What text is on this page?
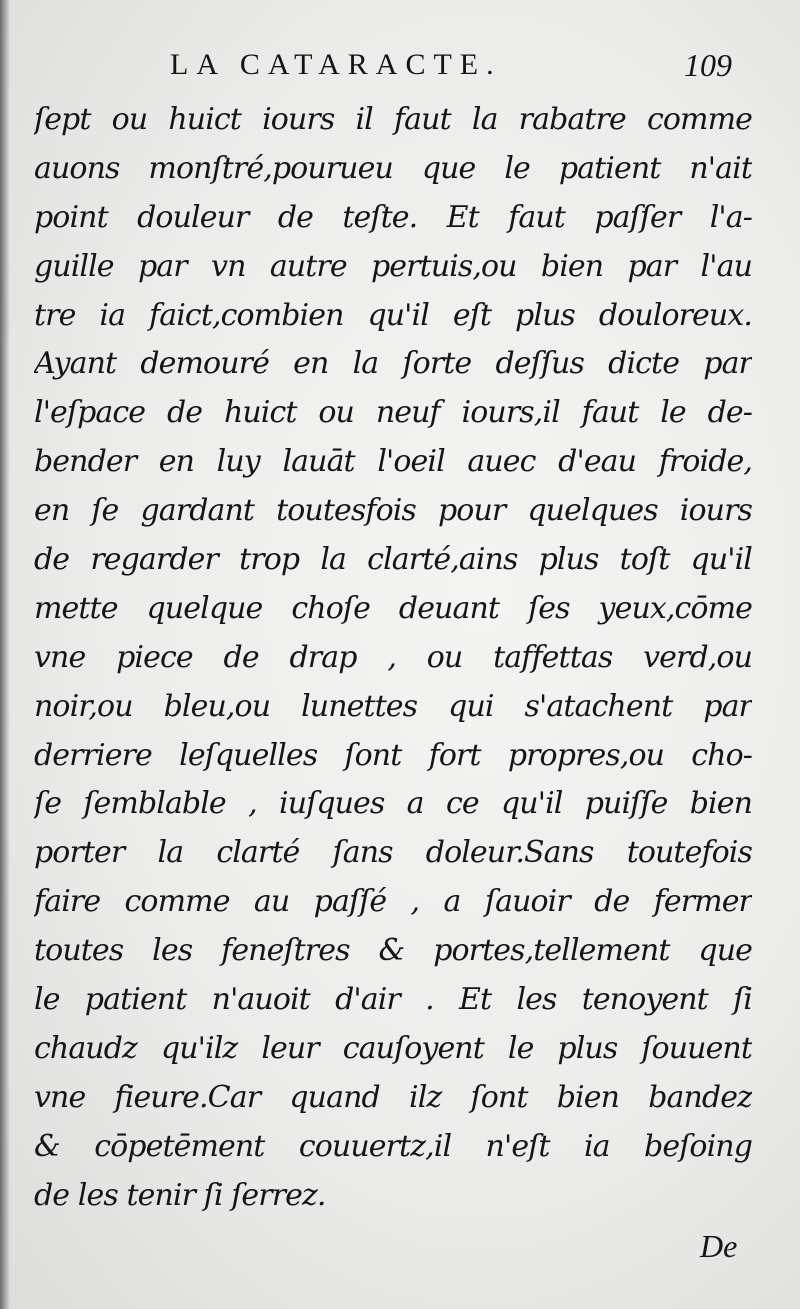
LA CATARACTE.	109
ſept ou huict iours il faut la rabatre comme
auons monſtré,pourueu que le patient n'ait
point douleur de teſte. Et faut paſſer l'a-
guille par vn autre pertuis,ou bien par l'au
tre ia faict,combien qu'il eſt plus douloreux.
Ayant demouré en la ſorte deſſus dicte par
l'eſpace de huict ou neuf iours,il faut le de-
bender en luy lauāt l'oeil auec d'eau froide,
en ſe gardant toutesfois pour quelques iours
de regarder trop la clarté,ains plus toſt qu'il
mette quelque choſe deuant ſes yeux,cōme
vne piece de drap , ou taffettas verd,ou
noir,ou bleu,ou lunettes qui s'atachent par
derriere leſquelles ſont fort propres,ou cho-
ſe ſemblable , iuſques a ce qu'il puiſſe bien
porter la clarté ſans doleur.Sans toutefois
faire comme au paſſé , a ſauoir de fermer
toutes les feneſtres & portes,tellement que
le patient n'auoit d'air . Et les tenoyent ſi
chaudz qu'ilz leur cauſoyent le plus ſouuent
vne fieure.Car quand ilz ſont bien bandez
& cōpetēment couuertz,il n'eſt ia beſoing
de les tenir ſi ſerrez.
De
